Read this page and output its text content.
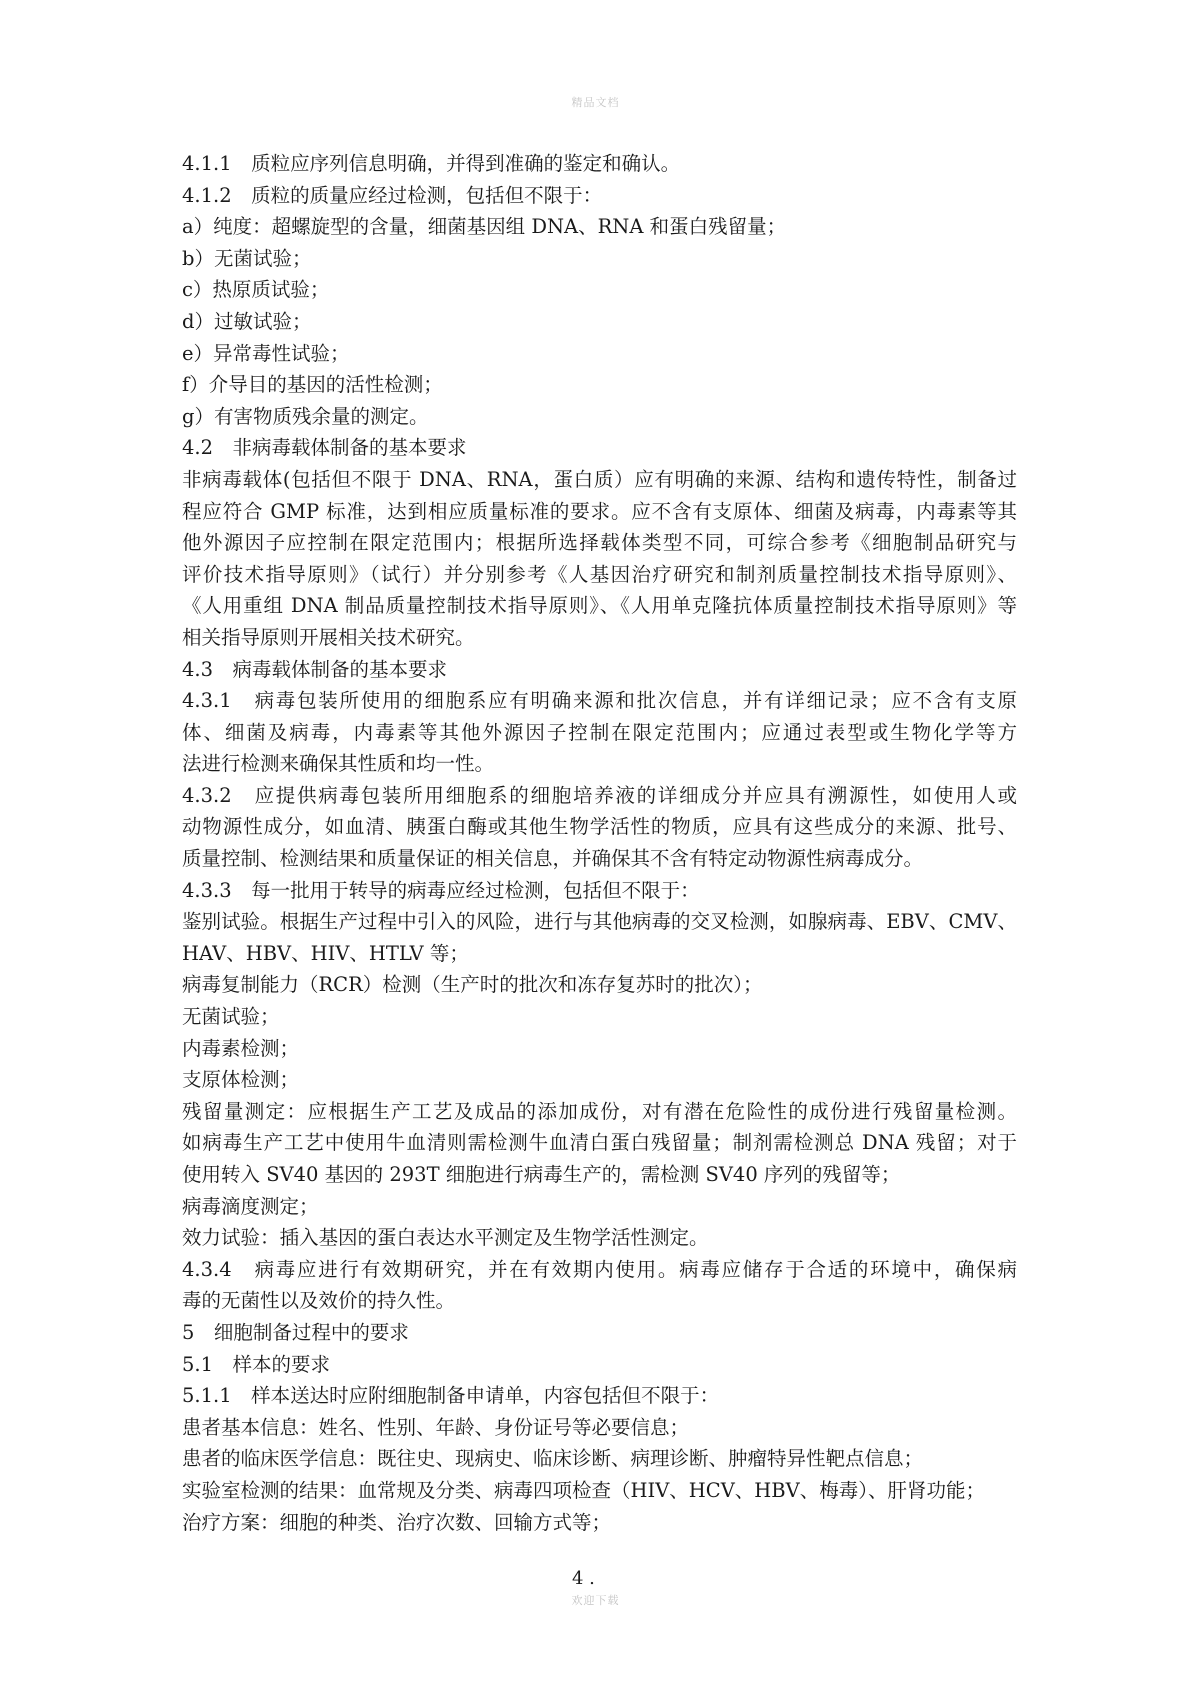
精品文档
4.1.1　质粒应序列信息明确，并得到准确的鉴定和确认。
4.1.2　质粒的质量应经过检测，包括但不限于：
a）纯度：超螺旋型的含量，细菌基因组 DNA、RNA 和蛋白残留量；
b）无菌试验；
c）热原质试验；
d）过敏试验；
e）异常毒性试验；
f）介导目的基因的活性检测；
g）有害物质残余量的测定。
4.2　非病毒载体制备的基本要求
非病毒载体(包括但不限于 DNA、RNA，蛋白质）应有明确的来源、结构和遗传特性，制备过
程应符合 GMP 标准，达到相应质量标准的要求。应不含有支原体、细菌及病毒，内毒素等其
他外源因子应控制在限定范围内；根据所选择载体类型不同，可综合参考《细胞制品研究与
评价技术指导原则》（试行）并分别参考《人基因治疗研究和制剂质量控制技术指导原则》、
《人用重组 DNA 制品质量控制技术指导原则》、《人用单克隆抗体质量控制技术指导原则》等
相关指导原则开展相关技术研究。
4.3　病毒载体制备的基本要求
4.3.1　病毒包装所使用的细胞系应有明确来源和批次信息，并有详细记录；应不含有支原
体、细菌及病毒，内毒素等其他外源因子控制在限定范围内；应通过表型或生物化学等方
法进行检测来确保其性质和均一性。
4.3.2　应提供病毒包装所用细胞系的细胞培养液的详细成分并应具有溯源性，如使用人或
动物源性成分，如血清、胰蛋白酶或其他生物学活性的物质，应具有这些成分的来源、批号、
质量控制、检测结果和质量保证的相关信息，并确保其不含有特定动物源性病毒成分。
4.3.3　每一批用于转导的病毒应经过检测，包括但不限于：
鉴别试验。根据生产过程中引入的风险，进行与其他病毒的交叉检测，如腺病毒、EBV、CMV、
HAV、HBV、HIV、HTLV 等；
病毒复制能力（RCR）检测（生产时的批次和冻存复苏时的批次）；
无菌试验；
内毒素检测；
支原体检测；
残留量测定：应根据生产工艺及成品的添加成份，对有潜在危险性的成份进行残留量检测。
如病毒生产工艺中使用牛血清则需检测牛血清白蛋白残留量；制剂需检测总 DNA 残留；对于
使用转入 SV40 基因的 293T 细胞进行病毒生产的，需检测 SV40 序列的残留等；
病毒滴度测定；
效力试验：插入基因的蛋白表达水平测定及生物学活性测定。
4.3.4　病毒应进行有效期研究，并在有效期内使用。病毒应储存于合适的环境中，确保病
毒的无菌性以及效价的持久性。
5　细胞制备过程中的要求
5.1　样本的要求
5.1.1　样本送达时应附细胞制备申请单，内容包括但不限于：
患者基本信息：姓名、性别、年龄、身份证号等必要信息；
患者的临床医学信息：既往史、现病史、临床诊断、病理诊断、肿瘤特异性靶点信息；
实验室检测的结果：血常规及分类、病毒四项检查（HIV、HCV、HBV、梅毒）、肝肾功能；
治疗方案：细胞的种类、治疗次数、回输方式等；
4 .
欢迎下载
